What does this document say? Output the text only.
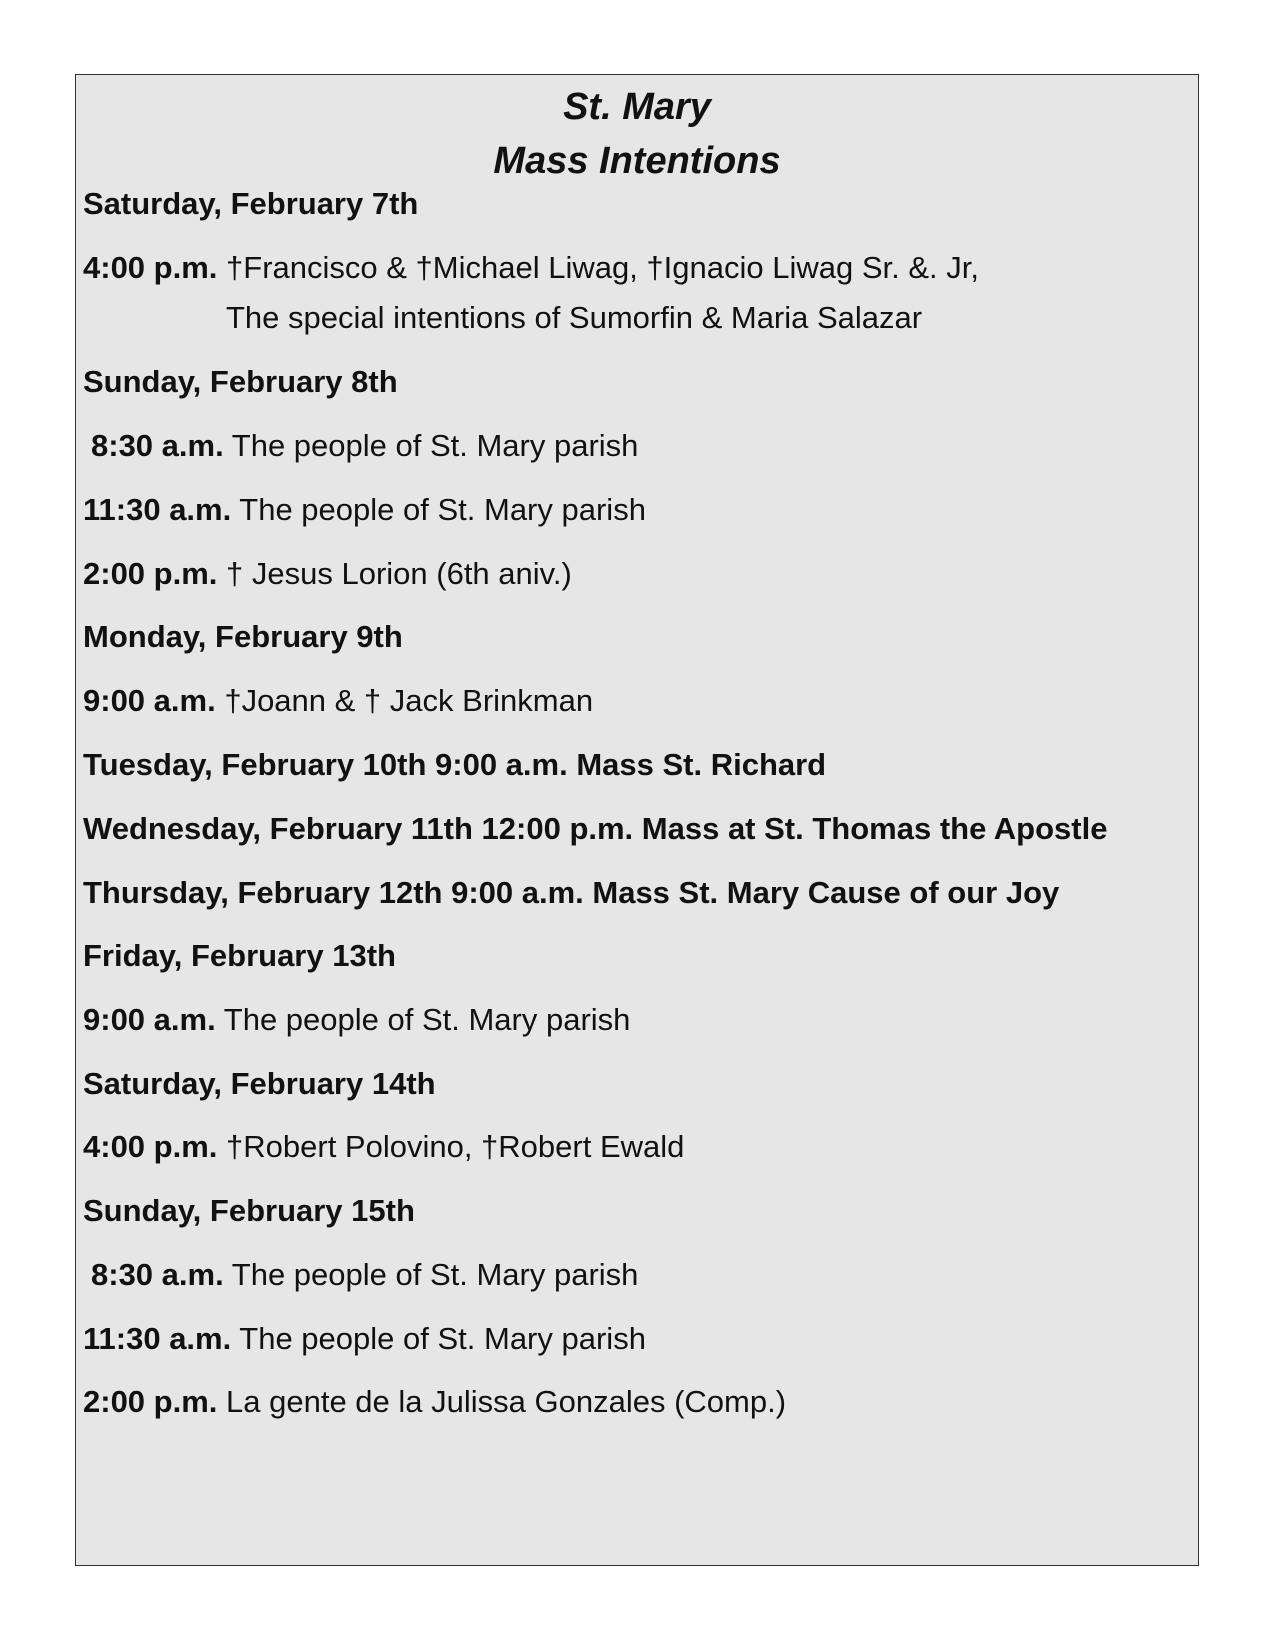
St. Mary
Mass Intentions
Saturday, February 7th
4:00 p.m. †Francisco & †Michael Liwag, †Ignacio Liwag Sr. &. Jr,
The special intentions of Sumorfin & Maria Salazar
Sunday, February 8th
8:30 a.m. The people of St. Mary parish
11:30 a.m. The people of St. Mary parish
2:00 p.m. † Jesus Lorion (6th aniv.)
Monday, February 9th
9:00 a.m. †Joann & † Jack Brinkman
Tuesday, February 10th 9:00 a.m. Mass St. Richard
Wednesday, February 11th 12:00 p.m. Mass at St. Thomas the Apostle
Thursday, February 12th 9:00 a.m. Mass St. Mary Cause of our Joy
Friday, February 13th
9:00 a.m. The people of St. Mary parish
Saturday, February 14th
4:00 p.m. †Robert Polovino, †Robert Ewald
Sunday, February 15th
8:30 a.m. The people of St. Mary parish
11:30 a.m. The people of St. Mary parish
2:00 p.m. La gente de la Julissa Gonzales (Comp.)
